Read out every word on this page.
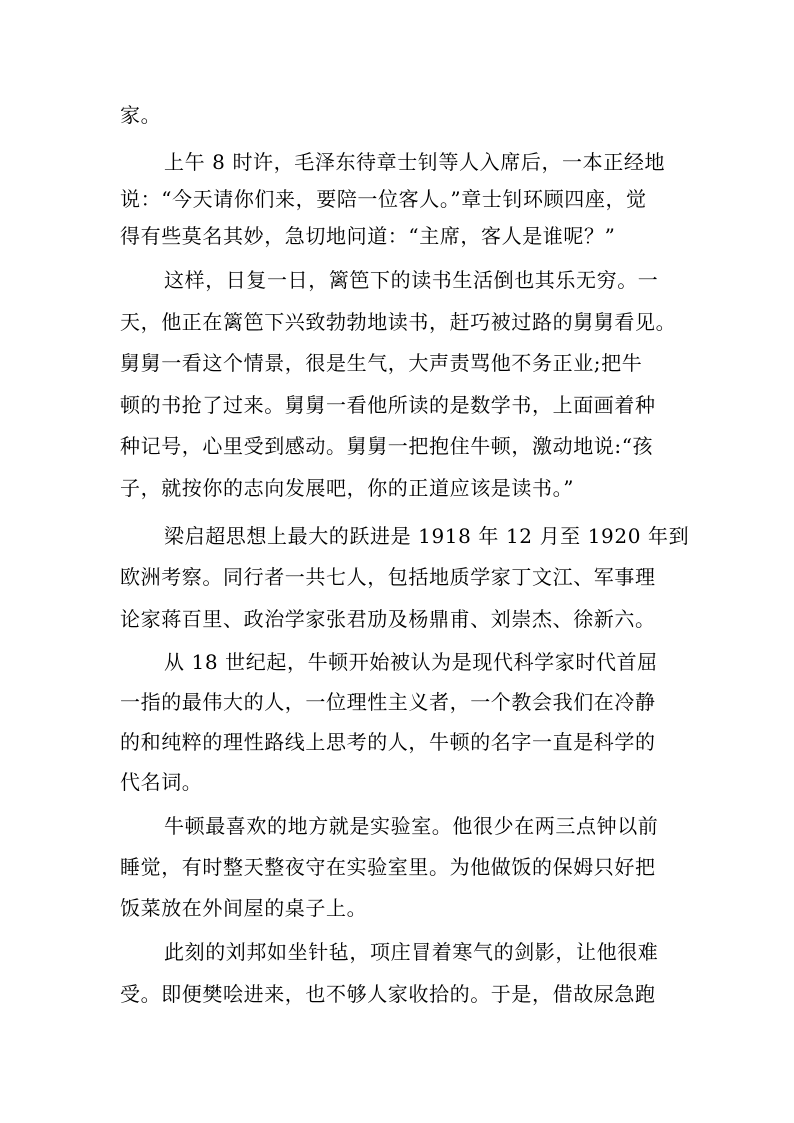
家。

上午 8 时许，毛泽东待章士钊等人入席后，一本正经地

说：“今天请你们来，要陪一位客人。”章士钊环顾四座，觉

得有些莫名其妙，急切地问道：“主席，客人是谁呢？”

这样，日复一日，篱笆下的读书生活倒也其乐无穷。一

天，他正在篱笆下兴致勃勃地读书，赶巧被过路的舅舅看见。

舅舅一看这个情景，很是生气，大声责骂他不务正业;把牛

顿的书抢了过来。舅舅一看他所读的是数学书，上面画着种

种记号，心里受到感动。舅舅一把抱住牛顿，激动地说:“孩

子，就按你的志向发展吧，你的正道应该是读书。”

梁启超思想上最大的跃进是 1918 年 12 月至 1920 年到

欧洲考察。同行者一共七人，包括地质学家丁文江、军事理

论家蒋百里、政治学家张君劢及杨鼎甫、刘崇杰、徐新六。

从 18 世纪起，牛顿开始被认为是现代科学家时代首屈

一指的最伟大的人，一位理性主义者，一个教会我们在冷静

的和纯粹的理性路线上思考的人，牛顿的名字一直是科学的

代名词。

牛顿最喜欢的地方就是实验室。他很少在两三点钟以前

睡觉，有时整天整夜守在实验室里。为他做饭的保姆只好把

饭菜放在外间屋的桌子上。

此刻的刘邦如坐针毡，项庄冒着寒气的剑影，让他很难

受。即便樊哙进来，也不够人家收拾的。于是，借故尿急跑
